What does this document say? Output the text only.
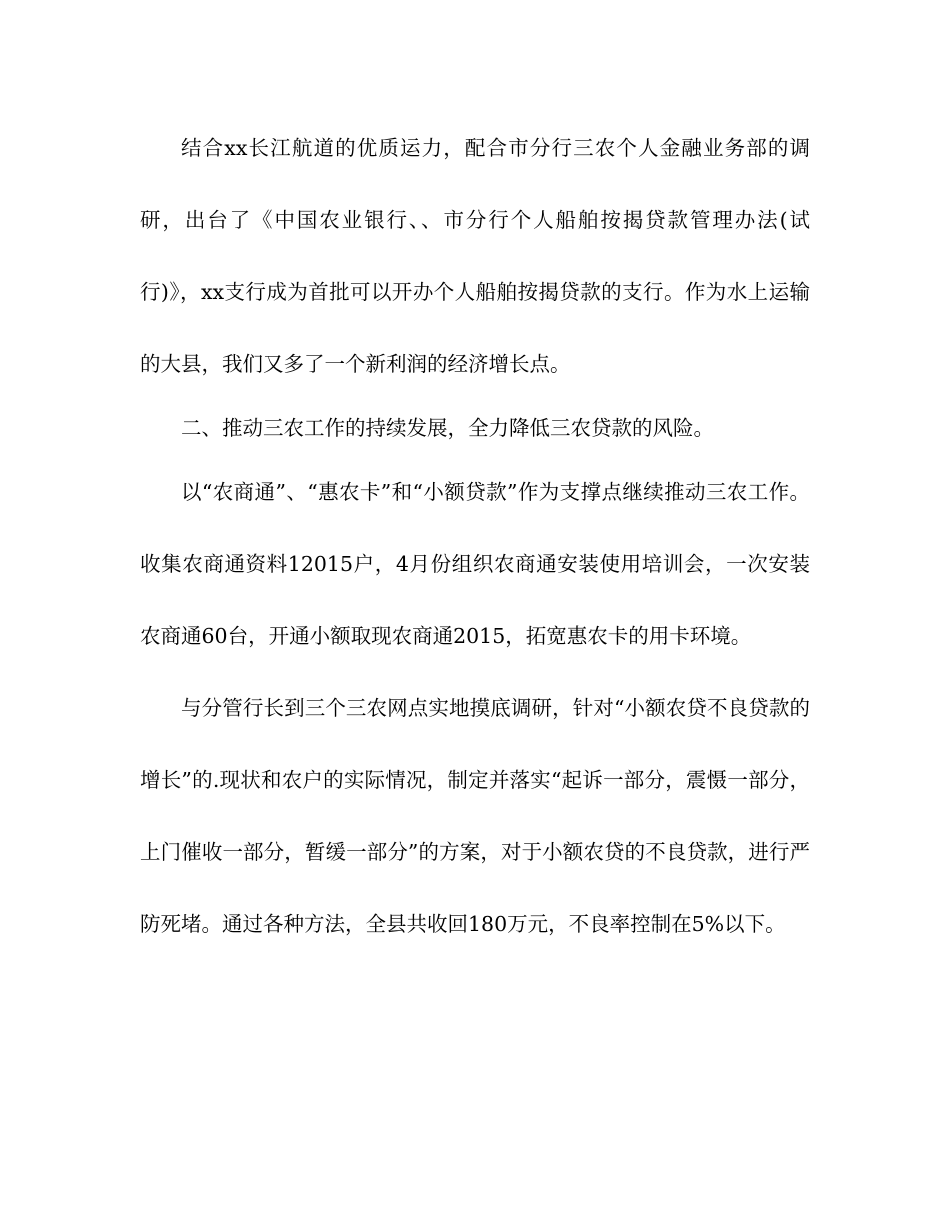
结合xx长江航道的优质运力，配合市分行三农个人金融业务部的调研，出台了《中国农业银行、、市分行个人船舶按揭贷款管理办法(试行)》，xx支行成为首批可以开办个人船舶按揭贷款的支行。作为水上运输的大县，我们又多了一个新利润的经济增长点。

二、推动三农工作的持续发展，全力降低三农贷款的风险。

以“农商通”、“惠农卡”和“小额贷款”作为支撑点继续推动三农工作。收集农商通资料12015户，4月份组织农商通安装使用培训会，一次安装农商通60台，开通小额取现农商通2015，拓宽惠农卡的用卡环境。

与分管行长到三个三农网点实地摸底调研，针对“小额农贷不良贷款的增长”的.现状和农户的实际情况，制定并落实“起诉一部分，震慑一部分，上门催收一部分，暂缓一部分”的方案，对于小额农贷的不良贷款，进行严防死堵。通过各种方法，全县共收回180万元，不良率控制在5%以下。
